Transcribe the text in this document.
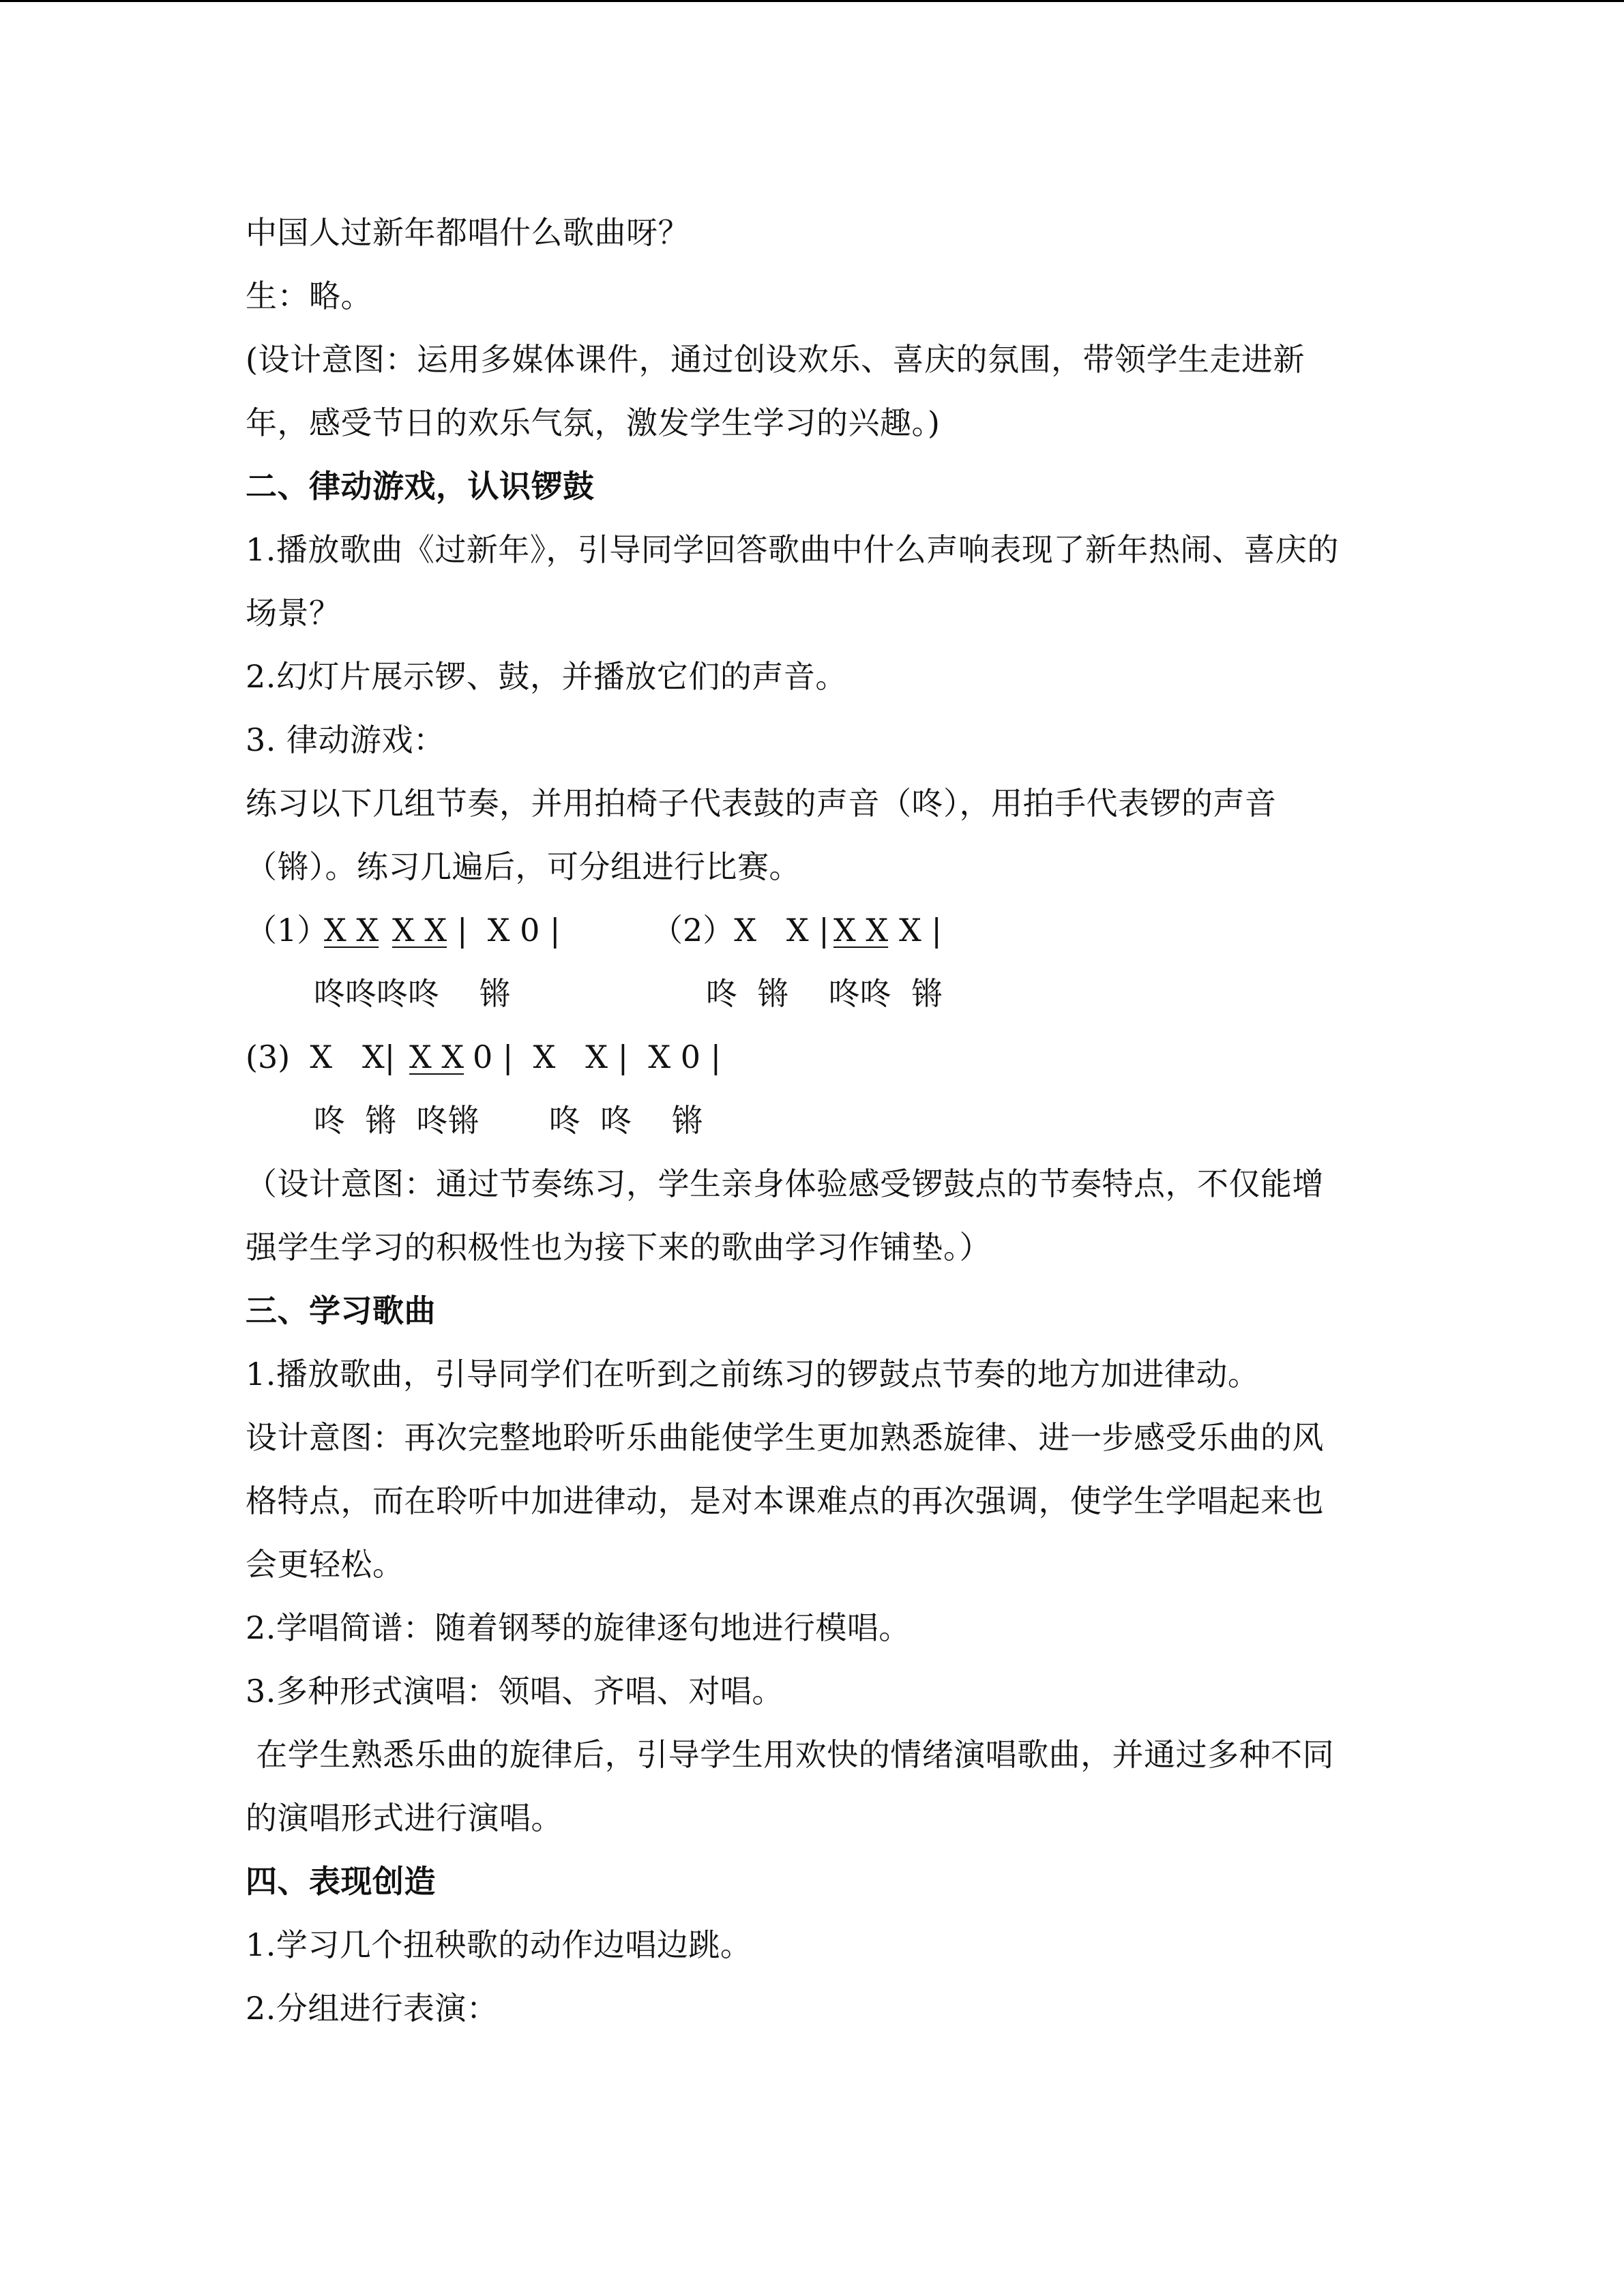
中国人过新年都唱什么歌曲呀？
生：略。
(设计意图：运用多媒体课件，通过创设欢乐、喜庆的氛围，带领学生走进新
年，感受节日的欢乐气氛，激发学生学习的兴趣。)
二、律动游戏，认识锣鼓
1.播放歌曲《过新年》，引导同学回答歌曲中什么声响表现了新年热闹、喜庆的
场景？
2.幻灯片展示锣、鼓，并播放它们的声音。
3. 律动游戏：
练习以下几组节奏，并用拍椅子代表鼓的声音（咚），用拍手代表锣的声音
（锵）。练习几遍后，可分组进行比赛。

（1）

X X

X X

|  X 0 |

	（2）X   X |

X X

X |

咚咚咚咚    锵

	咚  锵    咚咚  锵

(3)  X   X|

X X

0 |  X   X |  X 0 |

咚  锵  咚锵       咚  咚    锵

（设计意图：通过节奏练习，学生亲身体验感受锣鼓点的节奏特点，不仅能增
强学生学习的积极性也为接下来的歌曲学习作铺垫。）
三、学习歌曲
1.播放歌曲，引导同学们在听到之前练习的锣鼓点节奏的地方加进律动。
设计意图：再次完整地聆听乐曲能使学生更加熟悉旋律、进一步感受乐曲的风
格特点，而在聆听中加进律动，是对本课难点的再次强调，使学生学唱起来也
会更轻松。
2.学唱简谱：随着钢琴的旋律逐句地进行模唱。
3.多种形式演唱：领唱、齐唱、对唱。
在学生熟悉乐曲的旋律后，引导学生用欢快的情绪演唱歌曲，并通过多种不同
的演唱形式进行演唱。
四、表现创造
1.学习几个扭秧歌的动作边唱边跳。
2.分组进行表演：
